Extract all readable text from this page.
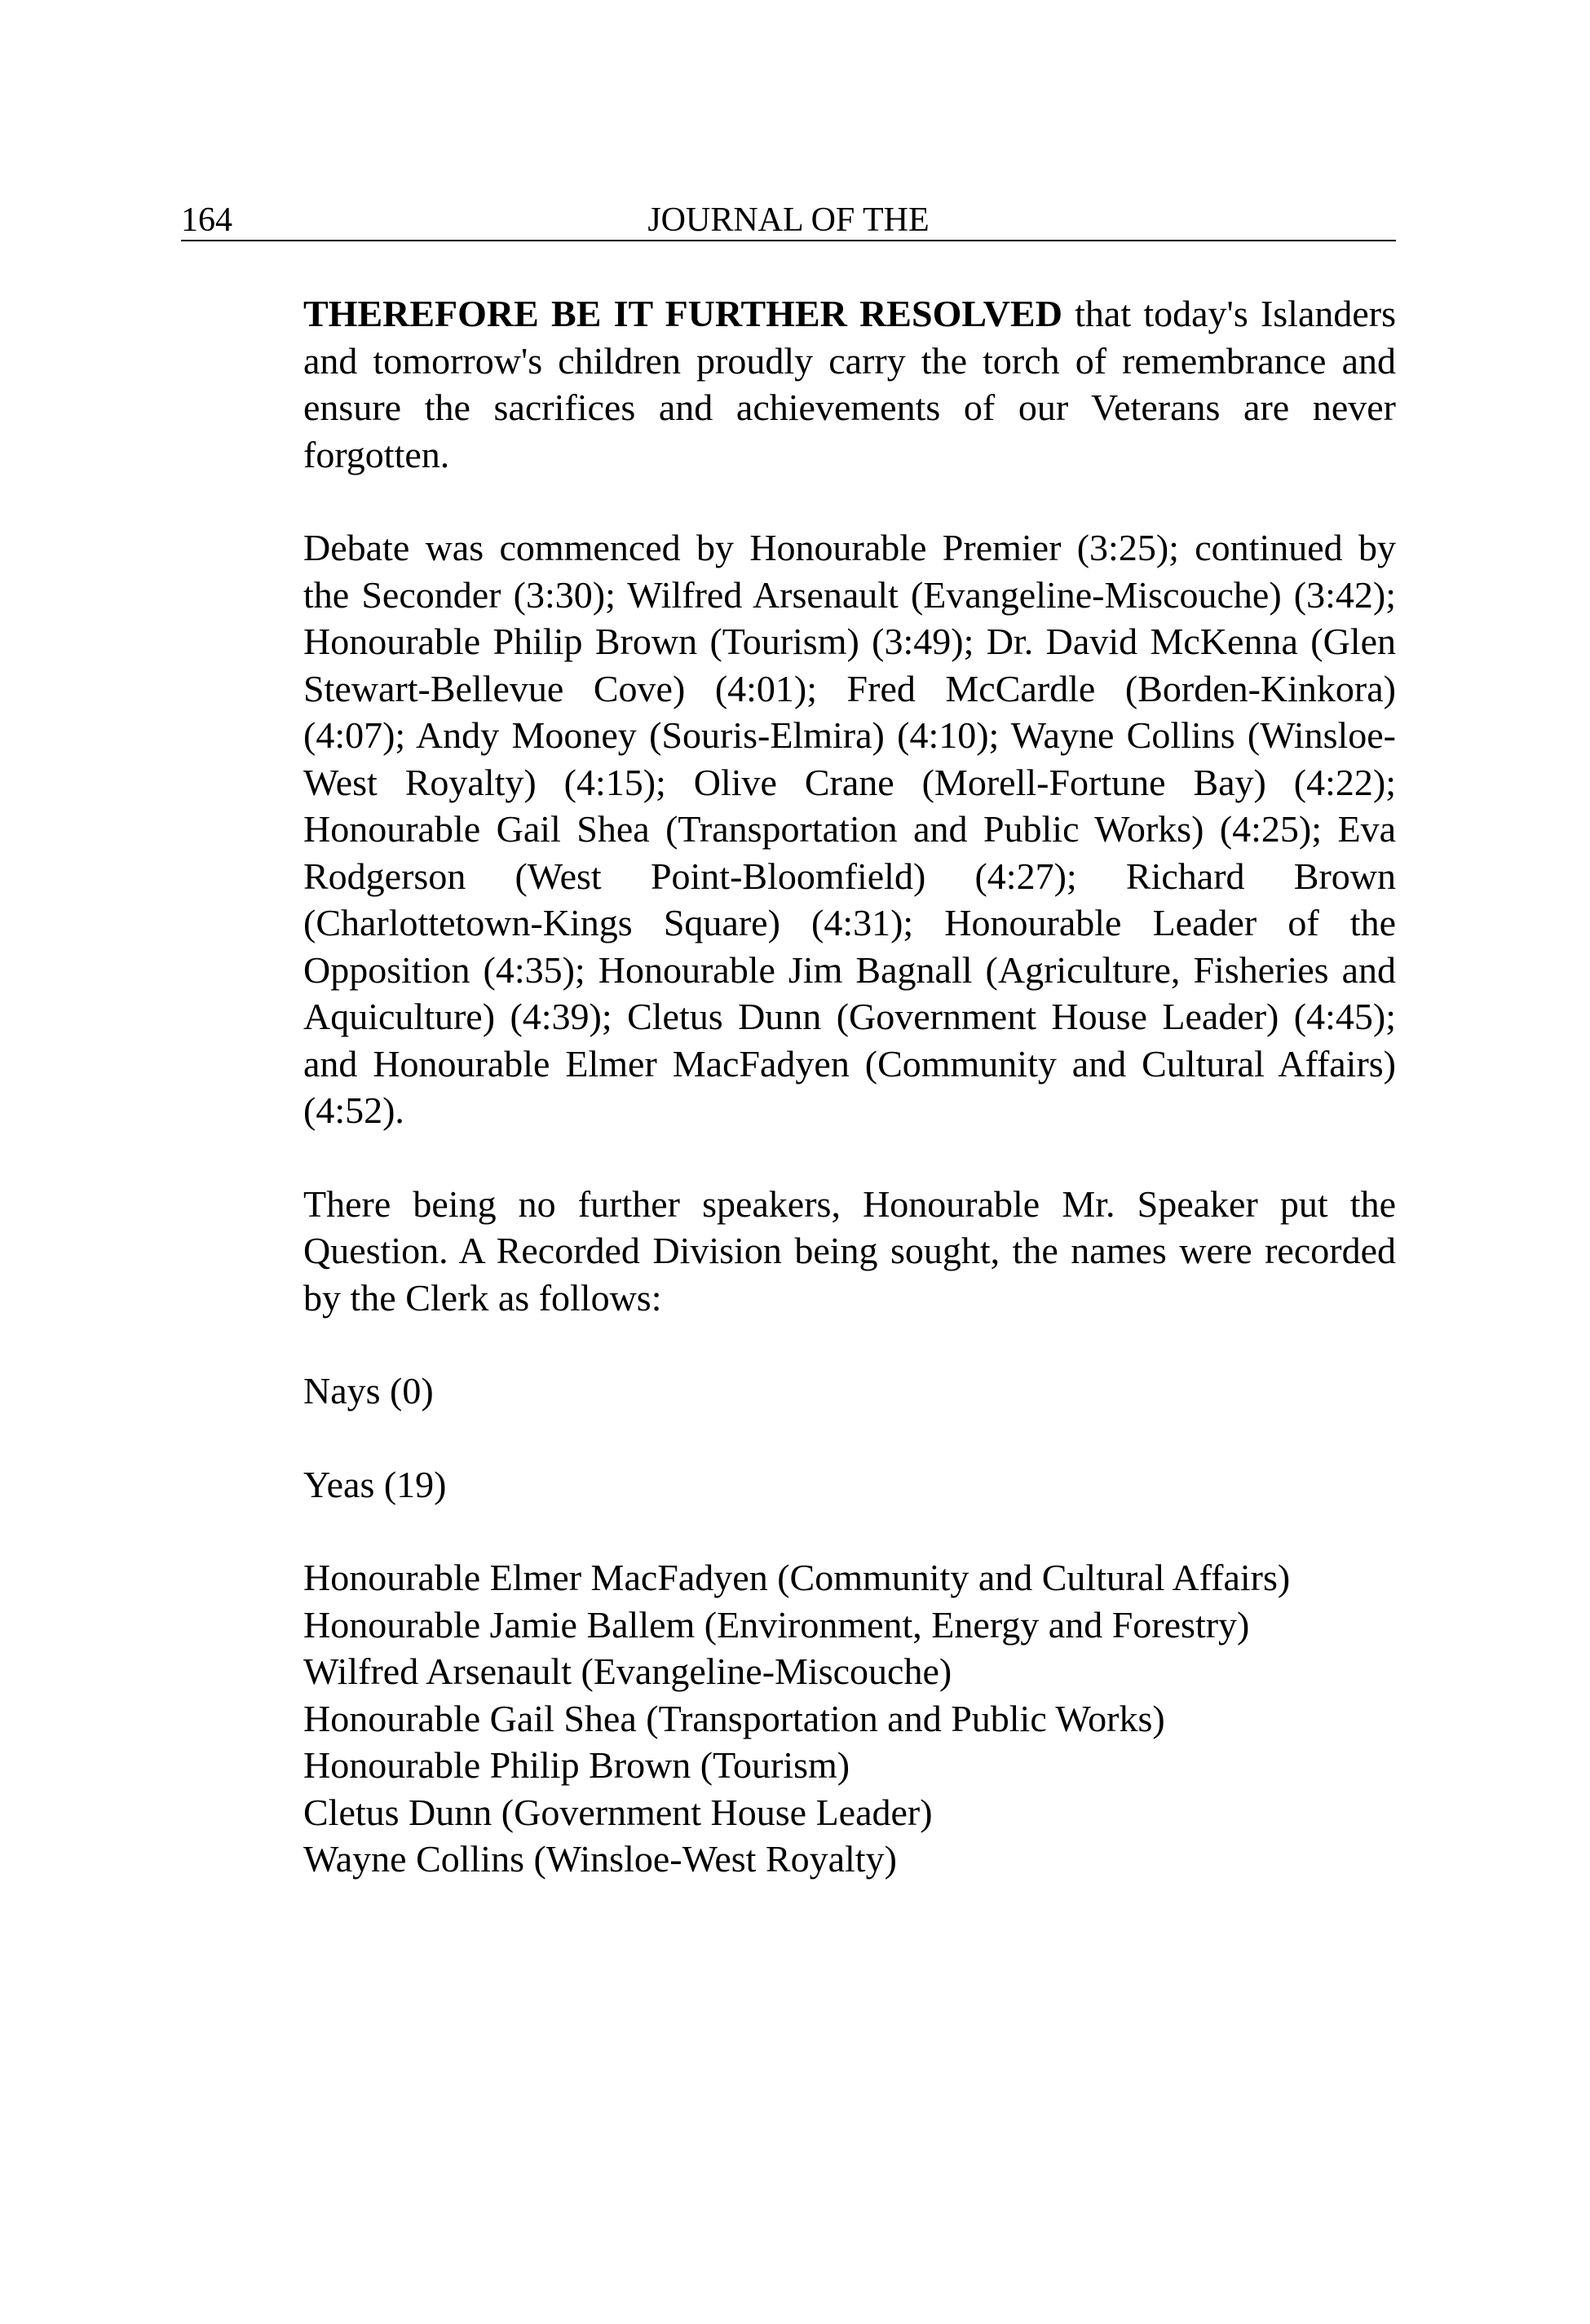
164	JOURNAL OF THE

THEREFORE BE IT FURTHER RESOLVED that today's Islanders and tomorrow's children proudly carry the torch of remembrance and ensure the sacrifices and achievements of our Veterans are never forgotten.

Debate was commenced by Honourable Premier (3:25); continued by the Seconder (3:30); Wilfred Arsenault (Evangeline-Miscouche) (3:42); Honourable Philip Brown (Tourism) (3:49); Dr. David McKenna (Glen Stewart-Bellevue Cove) (4:01); Fred McCardle (Borden-Kinkora) (4:07); Andy Mooney (Souris-Elmira) (4:10); Wayne Collins (Winsloe-West Royalty) (4:15); Olive Crane (Morell-Fortune Bay) (4:22); Honourable Gail Shea (Transportation and Public Works) (4:25); Eva Rodgerson (West Point-Bloomfield) (4:27); Richard Brown (Charlottetown-Kings Square) (4:31); Honourable Leader of the Opposition (4:35); Honourable Jim Bagnall (Agriculture, Fisheries and Aquiculture) (4:39); Cletus Dunn (Government House Leader) (4:45); and Honourable Elmer MacFadyen (Community and Cultural Affairs) (4:52).

There being no further speakers, Honourable Mr. Speaker put the Question. A Recorded Division being sought, the names were recorded by the Clerk as follows:

Nays (0)

Yeas (19)

Honourable Elmer MacFadyen (Community and Cultural Affairs)
Honourable Jamie Ballem (Environment, Energy and Forestry)
Wilfred Arsenault (Evangeline-Miscouche)
Honourable Gail Shea (Transportation and Public Works)
Honourable Philip Brown (Tourism)
Cletus Dunn (Government House Leader)
Wayne Collins (Winsloe-West Royalty)
